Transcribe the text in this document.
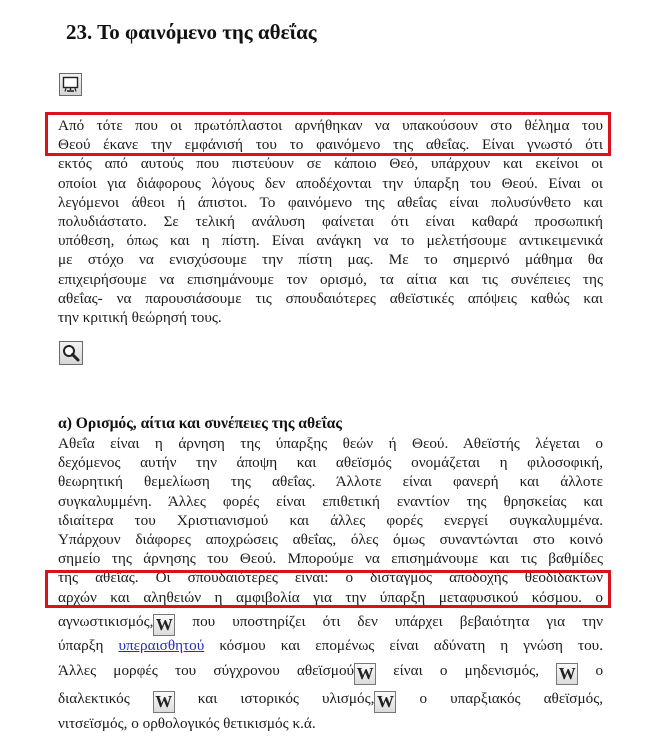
23. Το φαινόμενο της αθεΐας
Από τότε που οι πρωτόπλαστοι αρνήθηκαν να υπακούσουν στο θέλημα του
Θεού έκανε την εμφάνισή του το φαινόμενο της αθεΐας. Είναι γνωστό ότι
εκτός από αυτούς που πιστεύουν σε κάποιο Θεό, υπάρχουν και εκείνοι οι
οποίοι για διάφορους λόγους δεν αποδέχονται την ύπαρξη του Θεού. Είναι οι
λεγόμενοι άθεοι ή άπιστοι. Το φαινόμενο της αθεΐας είναι πολυσύνθετο και
πολυδιάστατο. Σε τελική ανάλυση φαίνεται ότι είναι καθαρά προσωπική
υπόθεση, όπως και η πίστη. Είναι ανάγκη να το μελετήσουμε αντικειμενικά
με στόχο να ενισχύσουμε την πίστη μας. Με το σημερινό μάθημα θα
επιχειρήσουμε να επισημάνουμε τον ορισμό, τα αίτια και τις συνέπειες της
αθεΐας- να παρουσιάσουμε τις σπουδαιότερες αθεϊστικές απόψεις καθώς και
την κριτική θεώρησή τους.
α) Ορισμός, αίτια και συνέπειες της αθεΐας
Αθεΐα είναι η άρνηση της ύπαρξης θεών ή Θεού. Αθεϊστής λέγεται ο
δεχόμενος αυτήν την άποψη και αθεϊσμός ονομάζεται η φιλοσοφική,
θεωρητική θεμελίωση της αθεΐας. Άλλοτε είναι φανερή και άλλοτε
συγκαλυμμένη. Άλλες φορές είναι επιθετική εναντίον της θρησκείας και
ιδιαίτερα του Χριστιανισμού και άλλες φορές ενεργεί συγκαλυμμένα.
Υπάρχουν διάφορες αποχρώσεις αθεΐας, όλες όμως συναντώνται στο κοινό
σημείο της άρνησης του Θεού. Μπορούμε να επισημάνουμε και τις βαθμίδες
της αθεΐας. Οι σπουδαιότερες είναι: ο δισταγμός αποδοχής θεοδίδακτων
αρχών και αληθειών η αμφιβολία για την ύπαρξη μεταφυσικού κόσμου. ο
αγνωστικισμός, W που υποστηρίζει ότι δεν υπάρχει βεβαιότητα για την
ύπαρξη υπεραισθητού κόσμου και επομένως είναι αδύνατη η γνώση του.
Άλλες μορφές του σύγχρονου αθεϊσμού W είναι ο μηδενισμός, W ο
διαλεκτικός W και ιστορικός υλισμός, W ο υπαρξιακός αθεϊσμός,
νιτσεϊσμός, ο ορθολογικός θετικισμός κ.ά.
